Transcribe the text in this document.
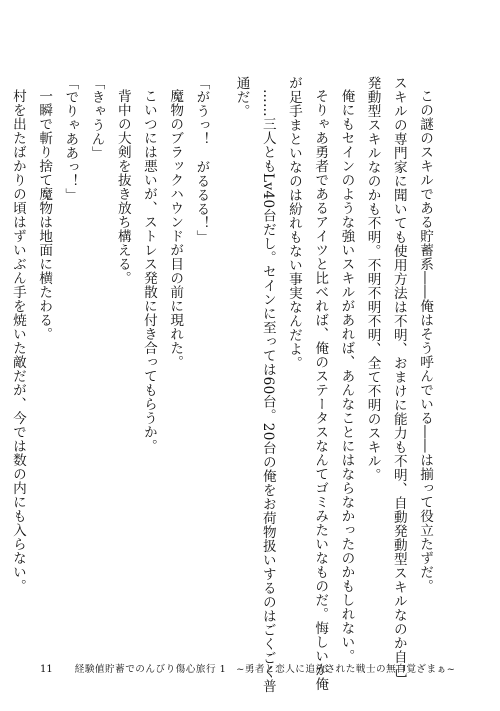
この謎のスキルである貯蓄系――俺はそう呼んでいる――は揃って役立たずだ。

スキルの専門家に聞いても使用方法は不明、おまけに能力も不明、自動発動型スキルなのか自己

発動型スキルなのかも不明。不明不明不明、全て不明のスキル。

俺にもセインのような強いスキルがあれば、あんなことにはならなかったのかもしれない。

そりゃあ勇者であるアイツと比べれば、俺のステータスなんてゴミみたいなものだ。悔しいが俺

が足手まといなのは紛れもない事実なんだよ。

……三人ともLv40台だし。セインに至っては60台。20台の俺をお荷物扱いするのはごくごく普

通だ。

「がうっ！　がるるる！」

魔物のブラックハウンドが目の前に現れた。

こいつには悪いが、ストレス発散に付き合ってもらうか。

背中の大剣を抜き放ち構える。

「きゃうん」

「でりゃああっ！」

一瞬で斬り捨て魔物は地面に横たわる。

村を出たばかりの頃はずいぶん手を焼いた敵だが、今では数の内にも入らない。

11 経験値貯蓄でのんびり傷心旅行 1　~勇者と恋人に追放された戦士の無自覚ざまぁ~
